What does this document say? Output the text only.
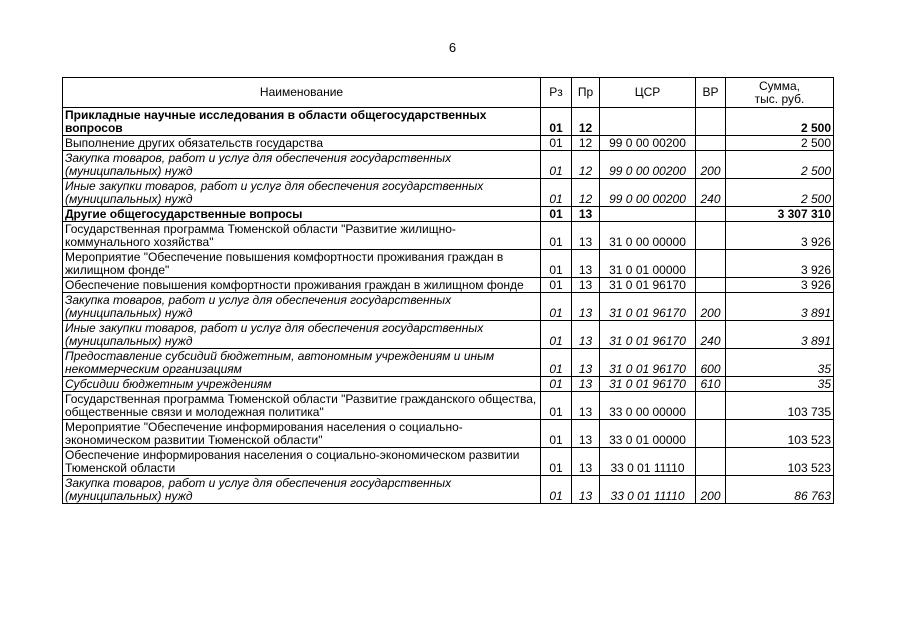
6
Наименование	Рз	Пр	ЦСР	ВР	Сумма,
тыс. руб.

Прикладные научные исследования в области общегосударственных вопросов	01	12			2 500
Выполнение других обязательств государства	01	12	99 0 00 00200		2 500
Закупка товаров, работ и услуг для обеспечения государственных (муниципальных) нужд	01	12	99 0 00 00200	200	2 500
Иные закупки товаров, работ и услуг для обеспечения государственных (муниципальных) нужд	01	12	99 0 00 00200	240	2 500
Другие общегосударственные вопросы	01	13			3 307 310
Государственная программа Тюменской области "Развитие жилищно-коммунального хозяйства"	01	13	31 0 00 00000		3 926
Мероприятие "Обеспечение повышения комфортности проживания граждан в жилищном фонде"	01	13	31 0 01 00000		3 926
Обеспечение повышения комфортности проживания граждан в жилищном фонде	01	13	31 0 01 96170		3 926
Закупка товаров, работ и услуг для обеспечения государственных (муниципальных) нужд	01	13	31 0 01 96170	200	3 891
Иные закупки товаров, работ и услуг для обеспечения государственных (муниципальных) нужд	01	13	31 0 01 96170	240	3 891
Предоставление субсидий бюджетным, автономным учреждениям и иным некоммерческим организациям	01	13	31 0 01 96170	600	35
Субсидии бюджетным учреждениям	01	13	31 0 01 96170	610	35
Государственная программа Тюменской области "Развитие гражданского общества, общественные связи и молодежная политика"	01	13	33 0 00 00000		103 735
Мероприятие "Обеспечение информирования населения о социально-экономическом развитии Тюменской области"	01	13	33 0 01 00000		103 523
Обеспечение информирования населения о социально-экономическом развитии Тюменской области	01	13	33 0 01 11110		103 523
Закупка товаров, работ и услуг для обеспечения государственных (муниципальных) нужд	01	13	33 0 01 11110	200	86 763
